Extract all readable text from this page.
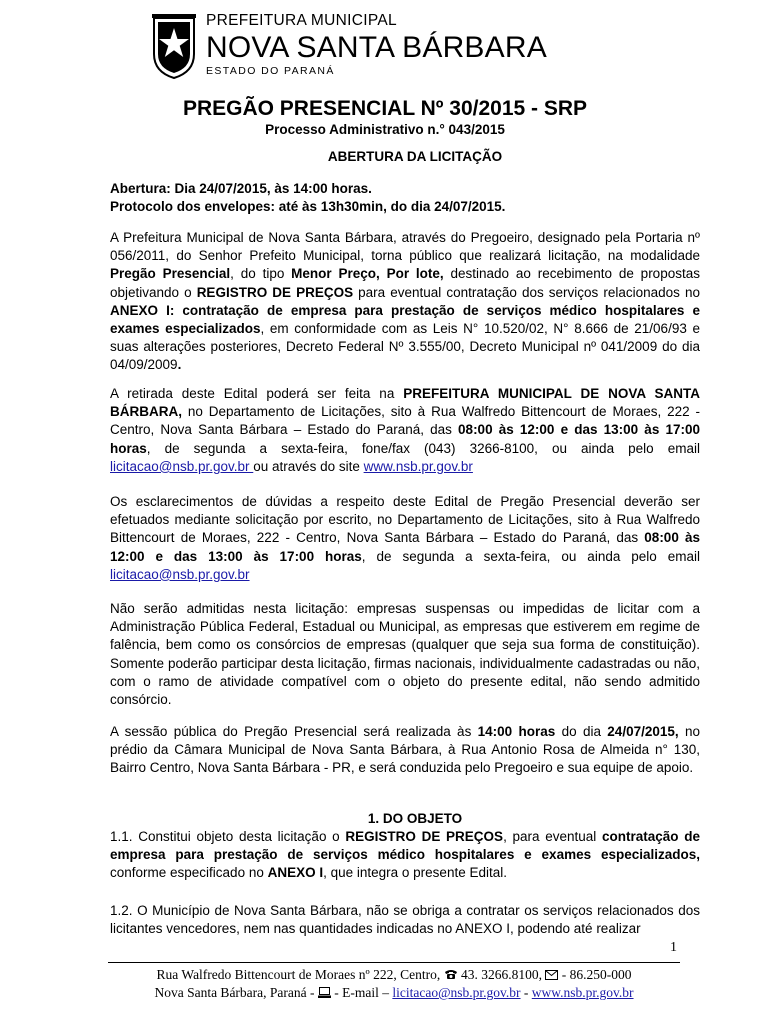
PREFEITURA MUNICIPAL
NOVA SANTA BÁRBARA
ESTADO DO PARANÁ
PREGÃO PRESENCIAL Nº 30/2015 - SRP
Processo Administrativo n.° 043/2015
ABERTURA DA LICITAÇÃO

Abertura: Dia 24/07/2015, às 14:00 horas.

Protocolo dos envelopes: até às 13h30min, do dia 24/07/2015.

A Prefeitura Municipal de Nova Santa Bárbara, através do Pregoeiro, designado pela Portaria nº 056/2011, do Senhor Prefeito Municipal, torna público que realizará licitação, na modalidade Pregão Presencial, do tipo Menor Preço, Por lote, destinado ao recebimento de propostas objetivando o REGISTRO DE PREÇOS para eventual contratação dos serviços relacionados no ANEXO I: contratação de empresa para prestação de serviços médico hospitalares e exames especializados, em conformidade com as Leis N° 10.520/02, N° 8.666 de 21/06/93 e suas alterações posteriores, Decreto Federal Nº 3.555/00, Decreto Municipal nº 041/2009 do dia 04/09/2009.

A retirada deste Edital poderá ser feita na PREFEITURA MUNICIPAL DE NOVA SANTA BÁRBARA, no Departamento de Licitações, sito à Rua Walfredo Bittencourt de Moraes, 222 - Centro, Nova Santa Bárbara – Estado do Paraná, das 08:00 às 12:00 e das 13:00 às 17:00 horas, de segunda a sexta-feira, fone/fax (043) 3266-8100, ou ainda pelo email licitacao@nsb.pr.gov.br ou através do site www.nsb.pr.gov.br

Os esclarecimentos de dúvidas a respeito deste Edital de Pregão Presencial deverão ser efetuados mediante solicitação por escrito, no Departamento de Licitações, sito à Rua Walfredo Bittencourt de Moraes, 222 - Centro, Nova Santa Bárbara – Estado do Paraná, das 08:00 às 12:00 e das 13:00 às 17:00 horas, de segunda a sexta-feira, ou ainda pelo email licitacao@nsb.pr.gov.br

Não serão admitidas nesta licitação: empresas suspensas ou impedidas de licitar com a Administração Pública Federal, Estadual ou Municipal, as empresas que estiverem em regime de falência, bem como os consórcios de empresas (qualquer que seja sua forma de constituição). Somente poderão participar desta licitação, firmas nacionais, individualmente cadastradas ou não, com o ramo de atividade compatível com o objeto do presente edital, não sendo admitido consórcio.

A sessão pública do Pregão Presencial será realizada às 14:00 horas do dia 24/07/2015, no prédio da Câmara Municipal de Nova Santa Bárbara, à Rua Antonio Rosa de Almeida n° 130, Bairro Centro, Nova Santa Bárbara - PR, e será conduzida pelo Pregoeiro e sua equipe de apoio.

1. DO OBJETO

1.1. Constitui objeto desta licitação o REGISTRO DE PREÇOS, para eventual contratação de empresa para prestação de serviços médico hospitalares e exames especializados, conforme especificado no ANEXO I, que integra o presente Edital.

1.2. O Município de Nova Santa Bárbara, não se obriga a contratar os serviços relacionados dos licitantes vencedores, nem nas quantidades indicadas no ANEXO I, podendo até realizar

1
Rua Walfredo Bittencourt de Moraes nº 222, Centro,  43. 3266.8100,  - 86.250-000
Nova Santa Bárbara, Paraná -  - E-mail – licitacao@nsb.pr.gov.br - www.nsb.pr.gov.br
